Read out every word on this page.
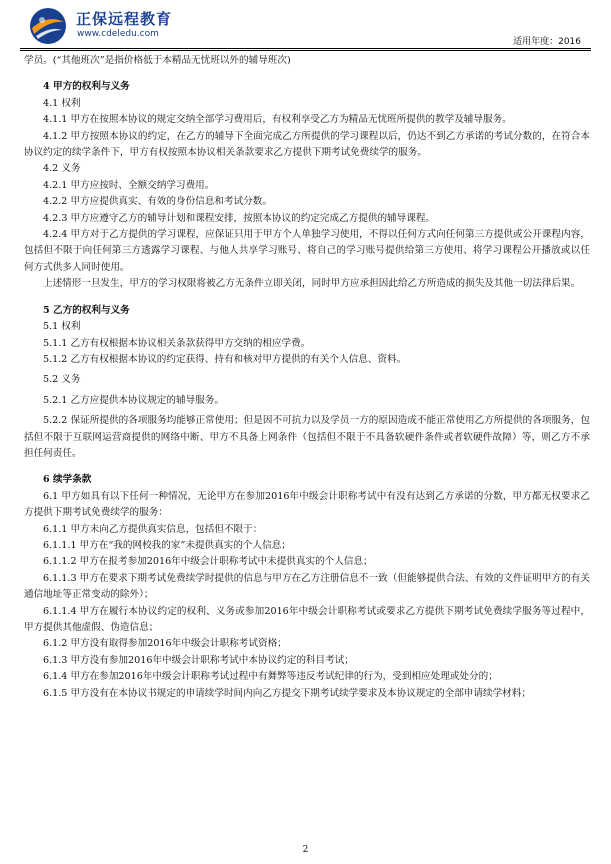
正保远程教育
www.cdeledu.com
适用年度：2016

学员。(“其他班次”是指价格低于本精品无忧班以外的辅导班次)

4 甲方的权利与义务

4.1 权利

4.1.1 甲方在按照本协议的规定交纳全部学习费用后，有权利享受乙方为精品无忧班所提供的教学及辅导服务。

4.1.2 甲方按照本协议的约定，在乙方的辅导下全面完成乙方所提供的学习课程以后，仍达不到乙方承诺的考试分数的，在符合本协议约定的续学条件下，甲方有权按照本协议相关条款要求乙方提供下期考试免费续学的服务。

4.2 义务

4.2.1 甲方应按时、全额交纳学习费用。

4.2.2 甲方应提供真实、有效的身份信息和考试分数。

4.2.3 甲方应遵守乙方的辅导计划和课程安排，按照本协议的约定完成乙方提供的辅导课程。

4.2.4 甲方对于乙方提供的学习课程，应保证只用于甲方个人单独学习使用，不得以任何方式向任何第三方提供或公开课程内容，包括但不限于向任何第三方透露学习课程、与他人共享学习账号、将自己的学习账号提供给第三方使用、将学习课程公开播放或以任何方式供多人同时使用。

上述情形一旦发生，甲方的学习权限将被乙方无条件立即关闭，同时甲方应承担因此给乙方所造成的损失及其他一切法律后果。

5 乙方的权利与义务

5.1 权利

5.1.1 乙方有权根据本协议相关条款获得甲方交纳的相应学费。

5.1.2 乙方有权根据本协议的约定获得、持有和核对甲方提供的有关个人信息、资料。

5.2 义务

5.2.1 乙方应提供本协议规定的辅导服务。

5.2.2 保证所提供的各项服务均能够正常使用；但是因不可抗力以及学员一方的原因造成不能正常使用乙方所提供的各项服务，包括但不限于互联网运营商提供的网络中断、甲方不具备上网条件（包括但不限于不具备软硬件条件或者软硬件故障）等，则乙方不承担任何责任。

6 续学条款

6.1 甲方如具有以下任何一种情况，无论甲方在参加2016年中级会计职称考试中有没有达到乙方承诺的分数，甲方都无权要求乙方提供下期考试免费续学的服务：

6.1.1 甲方未向乙方提供真实信息，包括但不限于：

6.1.1.1 甲方在“我的网校我的家”未提供真实的个人信息；

6.1.1.2 甲方在报考参加2016年中级会计职称考试中未提供真实的个人信息；

6.1.1.3 甲方在要求下期考试免费续学时提供的信息与甲方在乙方注册信息不一致（但能够提供合法、有效的文件证明甲方的有关通信地址等正常变动的除外）；

6.1.1.4 甲方在履行本协议约定的权利、义务或参加2016年中级会计职称考试或要求乙方提供下期考试免费续学服务等过程中，甲方提供其他虚假、伪造信息；

6.1.2 甲方没有取得参加2016年中级会计职称考试资格；

6.1.3 甲方没有参加2016年中级会计职称考试中本协议约定的科目考试；

6.1.4 甲方在参加2016年中级会计职称考试过程中有舞弊等违反考试纪律的行为，受到相应处理或处分的；

6.1.5 甲方没有在本协议书规定的申请续学时间内向乙方提交下期考试续学要求及本协议规定的全部申请续学材料；

2
